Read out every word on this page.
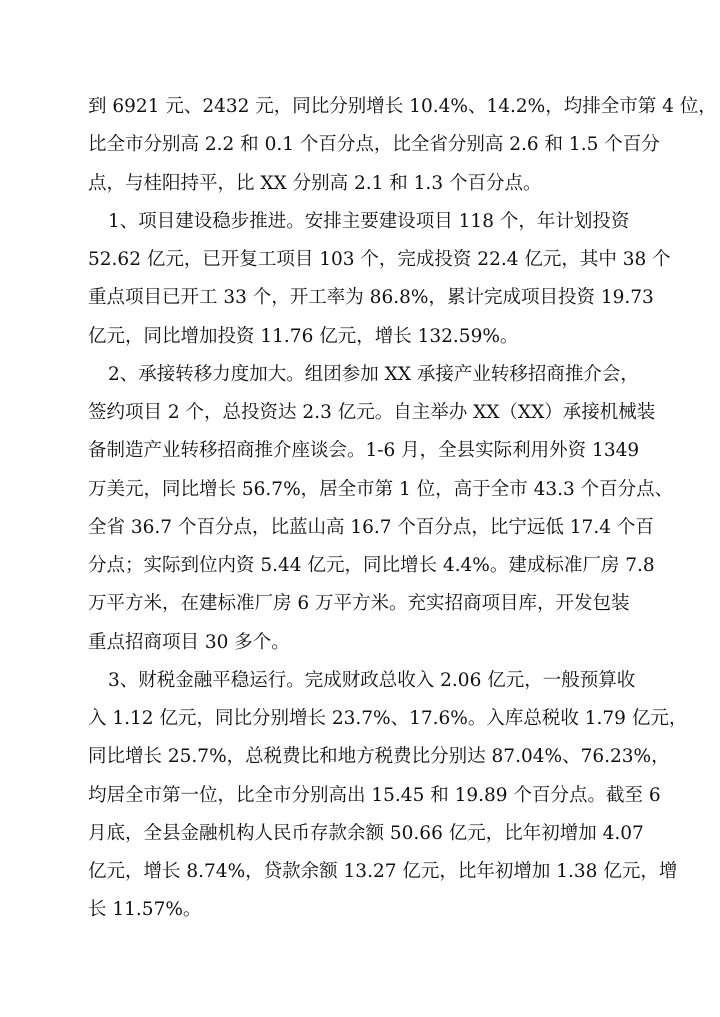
到 6921 元、2432 元，同比分别增长 10.4%、14.2%，均排全市第 4 位，
比全市分别高 2.2 和 0.1 个百分点，比全省分别高 2.6 和 1.5 个百分
点，与桂阳持平，比 XX 分别高 2.1 和 1.3 个百分点。
1、项目建设稳步推进。安排主要建设项目 118 个，年计划投资
52.62 亿元，已开复工项目 103 个，完成投资 22.4 亿元，其中 38 个
重点项目已开工 33 个，开工率为 86.8%，累计完成项目投资 19.73
亿元，同比增加投资 11.76 亿元，增长 132.59%。
2、承接转移力度加大。组团参加 XX 承接产业转移招商推介会，
签约项目 2 个，总投资达 2.3 亿元。自主举办 XX（XX）承接机械装
备制造产业转移招商推介座谈会。1-6 月，全县实际利用外资 1349
万美元，同比增长 56.7%，居全市第 1 位，高于全市 43.3 个百分点、
全省 36.7 个百分点，比蓝山高 16.7 个百分点，比宁远低 17.4 个百
分点；实际到位内资 5.44 亿元，同比增长 4.4%。建成标准厂房 7.8
万平方米，在建标准厂房 6 万平方米。充实招商项目库，开发包装
重点招商项目 30 多个。
3、财税金融平稳运行。完成财政总收入 2.06 亿元，一般预算收
入 1.12 亿元，同比分别增长 23.7%、17.6%。入库总税收 1.79 亿元，
同比增长 25.7%，总税费比和地方税费比分别达 87.04%、76.23%，
均居全市第一位，比全市分别高出 15.45 和 19.89 个百分点。截至 6
月底，全县金融机构人民币存款余额 50.66 亿元，比年初增加 4.07
亿元，增长 8.74%，贷款余额 13.27 亿元，比年初增加 1.38 亿元，增
长 11.57%。
